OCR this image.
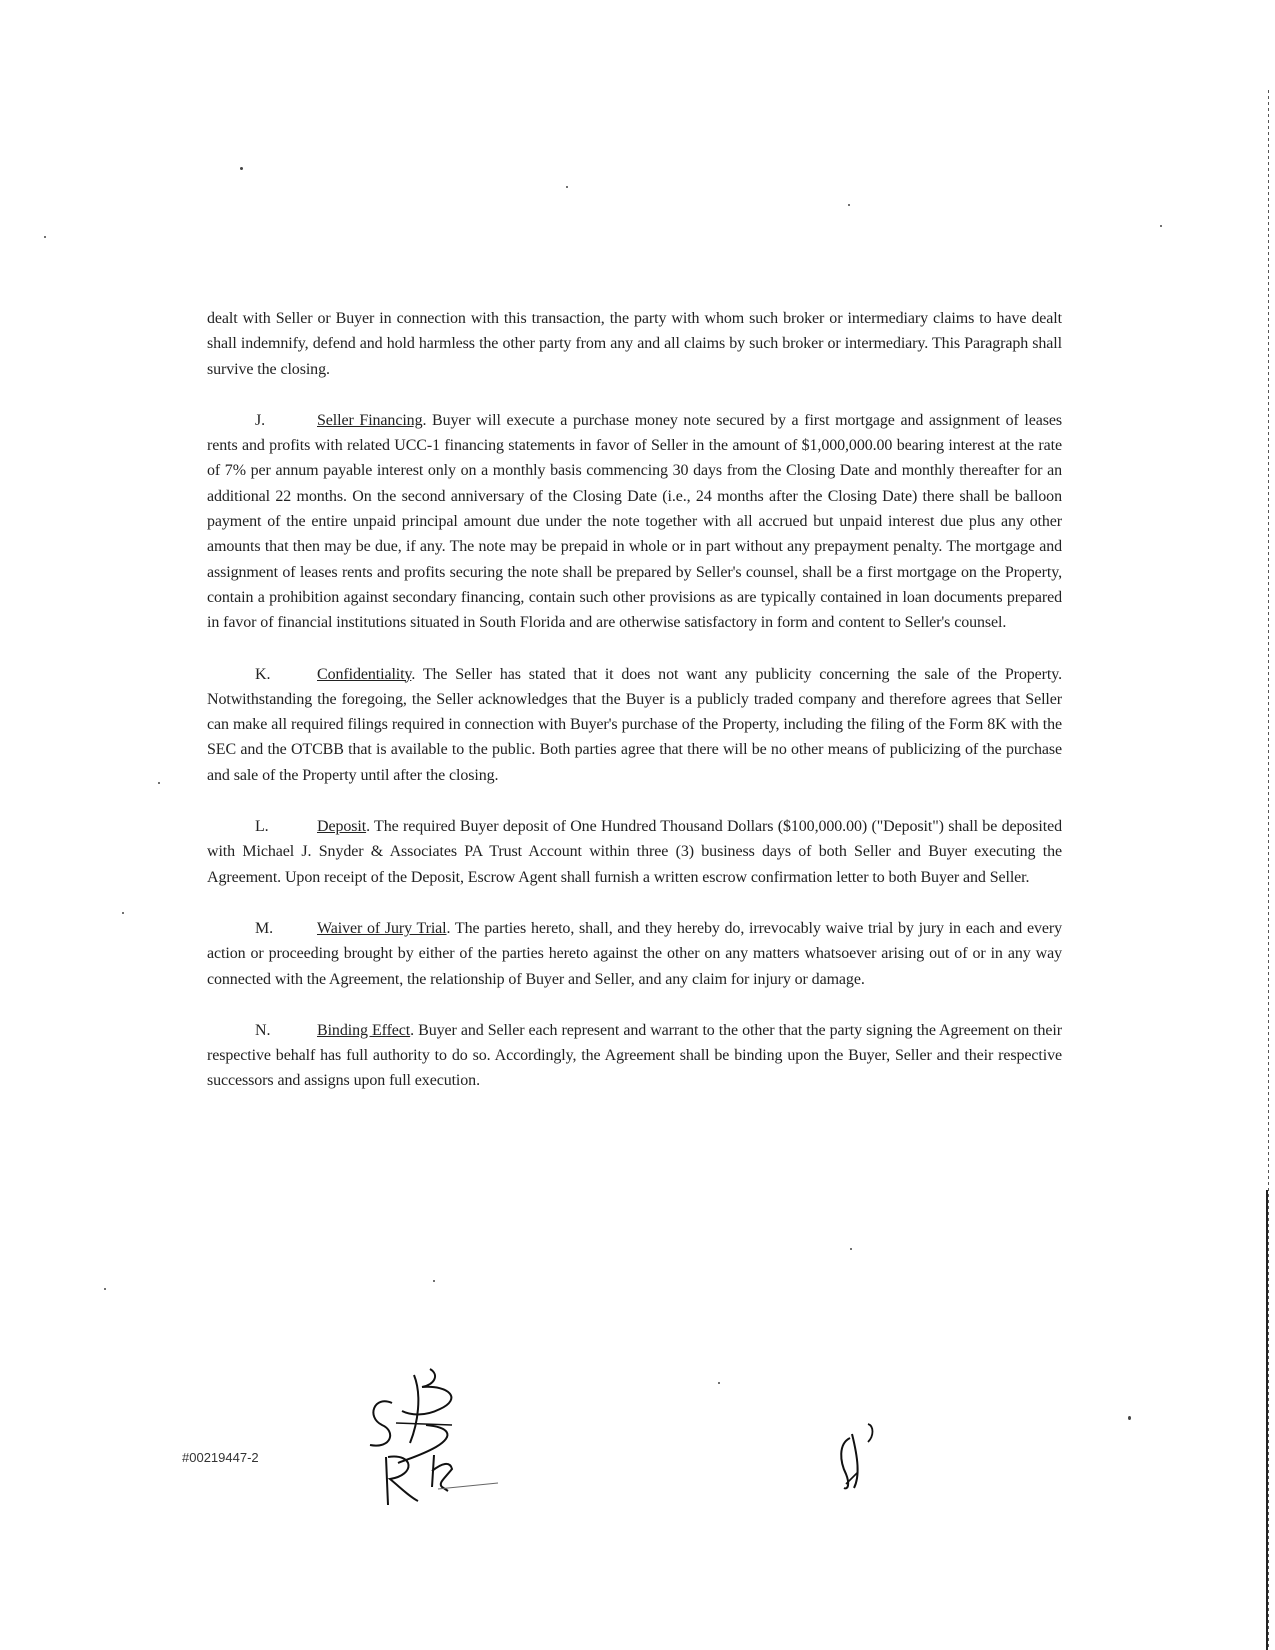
dealt with Seller or Buyer in connection with this transaction, the party with whom such broker or intermediary claims to have dealt shall indemnify, defend and hold harmless the other party from any and all claims by such broker or intermediary. This Paragraph shall survive the closing.

J.	Seller Financing. Buyer will execute a purchase money note secured by a first mortgage and assignment of leases rents and profits with related UCC-1 financing statements in favor of Seller in the amount of $1,000,000.00 bearing interest at the rate of 7% per annum payable interest only on a monthly basis commencing 30 days from the Closing Date and monthly thereafter for an additional 22 months. On the second anniversary of the Closing Date (i.e., 24 months after the Closing Date) there shall be balloon payment of the entire unpaid principal amount due under the note together with all accrued but unpaid interest due plus any other amounts that then may be due, if any. The note may be prepaid in whole or in part without any prepayment penalty. The mortgage and assignment of leases rents and profits securing the note shall be prepared by Seller's counsel, shall be a first mortgage on the Property, contain a prohibition against secondary financing, contain such other provisions as are typically contained in loan documents prepared in favor of financial institutions situated in South Florida and are otherwise satisfactory in form and content to Seller's counsel.

K.	Confidentiality. The Seller has stated that it does not want any publicity concerning the sale of the Property. Notwithstanding the foregoing, the Seller acknowledges that the Buyer is a publicly traded company and therefore agrees that Seller can make all required filings required in connection with Buyer's purchase of the Property, including the filing of the Form 8K with the SEC and the OTCBB that is available to the public. Both parties agree that there will be no other means of publicizing of the purchase and sale of the Property until after the closing.

L.	Deposit. The required Buyer deposit of One Hundred Thousand Dollars ($100,000.00) ("Deposit") shall be deposited with Michael J. Snyder & Associates PA Trust Account within three (3) business days of both Seller and Buyer executing the Agreement. Upon receipt of the Deposit, Escrow Agent shall furnish a written escrow confirmation letter to both Buyer and Seller.

M.	Waiver of Jury Trial. The parties hereto, shall, and they hereby do, irrevocably waive trial by jury in each and every action or proceeding brought by either of the parties hereto against the other on any matters whatsoever arising out of or in any way connected with the Agreement, the relationship of Buyer and Seller, and any claim for injury or damage.

N.	Binding Effect. Buyer and Seller each represent and warrant to the other that the party signing the Agreement on their respective behalf has full authority to do so. Accordingly, the Agreement shall be binding upon the Buyer, Seller and their respective successors and assigns upon full execution.

#00219447-2
